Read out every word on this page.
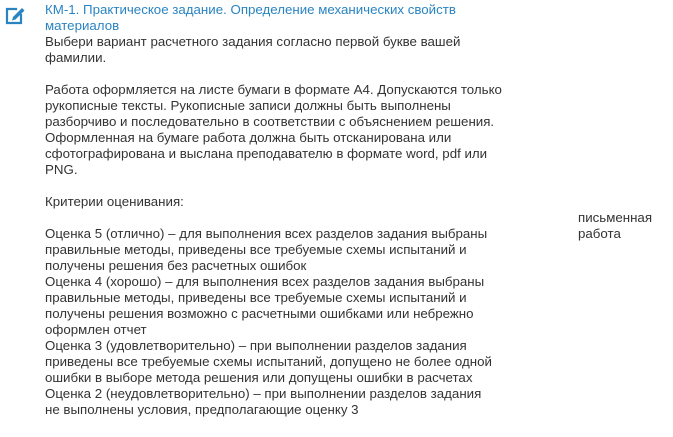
КМ-1. Практическое задание. Определение механических свойств
материалов
Выбери вариант расчетного задания согласно первой букве вашей
фамилии.
Работа оформляется на листе бумаги в формате А4. Допускаются только
рукописные тексты. Рукописные записи должны быть выполнены
разборчиво и последовательно в соответствии с объяснением решения.
Оформленная на бумаге работа должна быть отсканирована или
сфотографирована и выслана преподавателю в формате word, pdf или
PNG.
Критерии оценивания:
Оценка 5 (отлично) – для выполнения всех разделов задания выбраны
правильные методы, приведены все требуемые схемы испытаний и
получены решения без расчетных ошибок
Оценка 4 (хорошо) – для выполнения всех разделов задания выбраны
правильные методы, приведены все требуемые схемы испытаний и
получены решения возможно с расчетными ошибками или небрежно
оформлен отчет
Оценка 3 (удовлетворительно) – при выполнении разделов задания
приведены все требуемые схемы испытаний, допущено не более одной
ошибки в выборе метода решения или допущены ошибки в расчетах
Оценка 2 (неудовлетворительно) – при выполнении разделов задания
не выполнены условия, предполагающие оценку 3
письменная
работа
